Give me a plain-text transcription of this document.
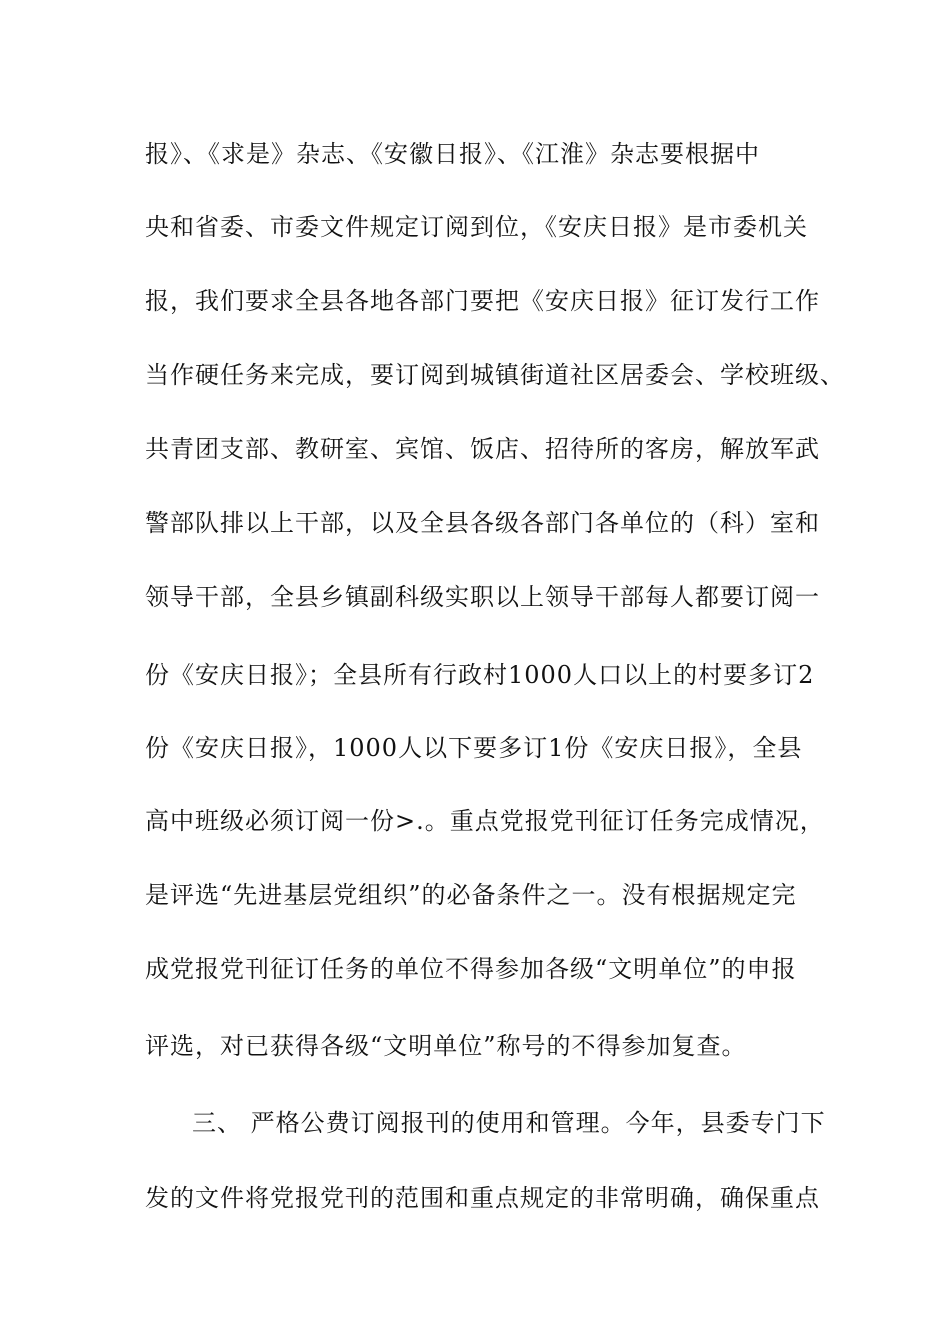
报》、《求是》杂志、《安徽日报》、《江淮》杂志要根据中
央和省委、市委文件规定订阅到位，《安庆日报》是市委机关
报，我们要求全县各地各部门要把《安庆日报》征订发行工作
当作硬任务来完成，要订阅到城镇街道社区居委会、学校班级、
共青团支部、教研室、宾馆、饭店、招待所的客房，解放军武
警部队排以上干部，以及全县各级各部门各单位的（科）室和
领导干部，全县乡镇副科级实职以上领导干部每人都要订阅一
份《安庆日报》；全县所有行政村1000人口以上的村要多订2
份《安庆日报》，1000人以下要多订1份《安庆日报》，全县
高中班级必须订阅一份>.。重点党报党刊征订任务完成情况，
是评选“先进基层党组织”的必备条件之一。没有根据规定完
成党报党刊征订任务的单位不得参加各级“文明单位”的申报
评选，对已获得各级“文明单位”称号的不得参加复查。
三、 严格公费订阅报刊的使用和管理。今年，县委专门下
发的文件将党报党刊的范围和重点规定的非常明确，确保重点
